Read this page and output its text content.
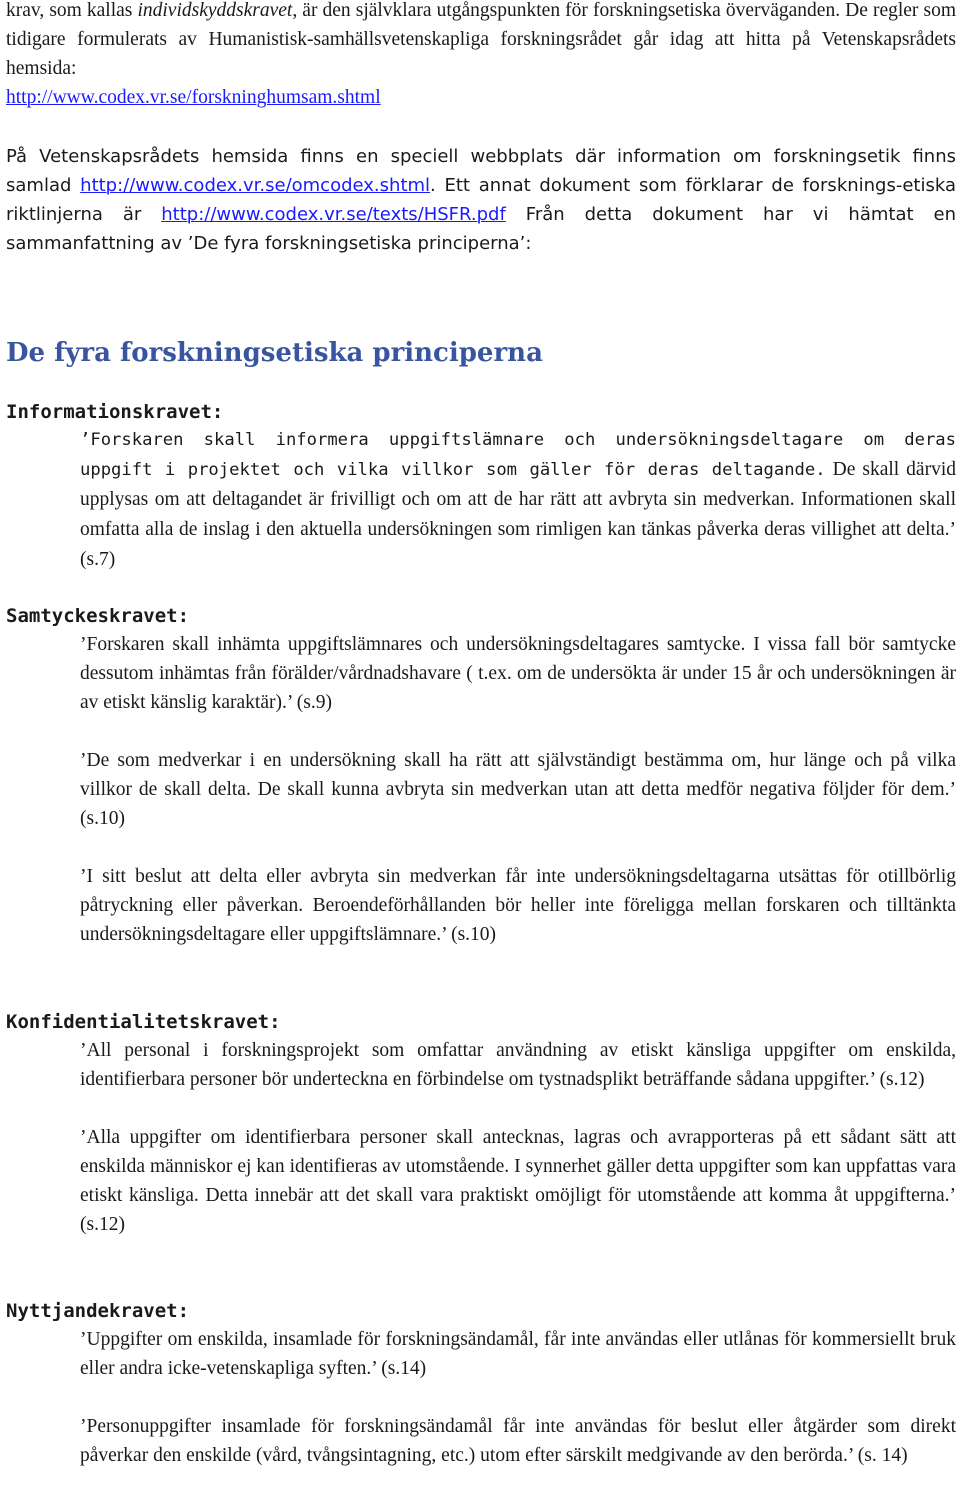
krav, som kallas individskyddskravet, är den självklara utgångspunkten för forskningsetiska överväganden. De regler som tidigare formulerats av Humanistisk-samhällsvetenskapliga forskningsrådet går idag att hitta på Vetenskapsrådets hemsida:
http://www.codex.vr.se/forskninghumsam.shtml

På Vetenskapsrådets hemsida finns en speciell webbplats där information om forskningsetik finns samlad http://www.codex.vr.se/omcodex.shtml. Ett annat dokument som förklarar de forsknings-etiska riktlinjerna är http://www.codex.vr.se/texts/HSFR.pdf Från detta dokument har vi hämtat en sammanfattning av ’De fyra forskningsetiska principerna’:

De fyra forskningsetiska principerna
Informationskravet:

’Forskaren skall informera uppgiftslämnare och undersökningsdeltagare om deras uppgift i projektet och vilka villkor som gäller för deras deltagande. De skall därvid upplysas om att deltagandet är frivilligt och om att de har rätt att avbryta sin medverkan. Informationen skall omfatta alla de inslag i den aktuella undersökningen som rimligen kan tänkas påverka deras villighet att delta.’ (s.7)

Samtyckeskravet:

’Forskaren skall inhämta uppgiftslämnares och undersökningsdeltagares samtycke. I vissa fall bör samtycke dessutom inhämtas från förälder/vårdnadshavare ( t.ex. om de undersökta är under 15 år och undersökningen är av etiskt känslig karaktär).’ (s.9)

’De som medverkar i en undersökning skall ha rätt att självständigt bestämma om, hur länge och på vilka villkor de skall delta. De skall kunna avbryta sin medverkan utan att detta medför negativa följder för dem.’ (s.10)

’I sitt beslut att delta eller avbryta sin medverkan får inte undersökningsdeltagarna utsättas för otillbörlig påtryckning eller påverkan. Beroendeförhållanden bör heller inte föreligga mellan forskaren och tilltänkta undersökningsdeltagare eller uppgiftslämnare.’ (s.10)

Konfidentialitetskravet:

’All personal i forskningsprojekt som omfattar användning av etiskt känsliga uppgifter om enskilda, identifierbara personer bör underteckna en förbindelse om tystnadsplikt beträffande sådana uppgifter.’ (s.12)

’Alla uppgifter om identifierbara personer skall antecknas, lagras och avrapporteras på ett sådant sätt att enskilda människor ej kan identifieras av utomstående. I synnerhet gäller detta uppgifter som kan uppfattas vara etiskt känsliga. Detta innebär att det skall vara praktiskt omöjligt för utomstående att komma åt uppgifterna.’ (s.12)

Nyttjandekravet:

’Uppgifter om enskilda, insamlade för forskningsändamål, får inte användas eller utlånas för kommersiellt bruk eller andra icke-vetenskapliga syften.’ (s.14)

’Personuppgifter insamlade för forskningsändamål får inte användas för beslut eller åtgärder som direkt påverkar den enskilde (vård, tvångsintagning, etc.) utom efter särskilt medgivande av den berörda.’ (s. 14)
